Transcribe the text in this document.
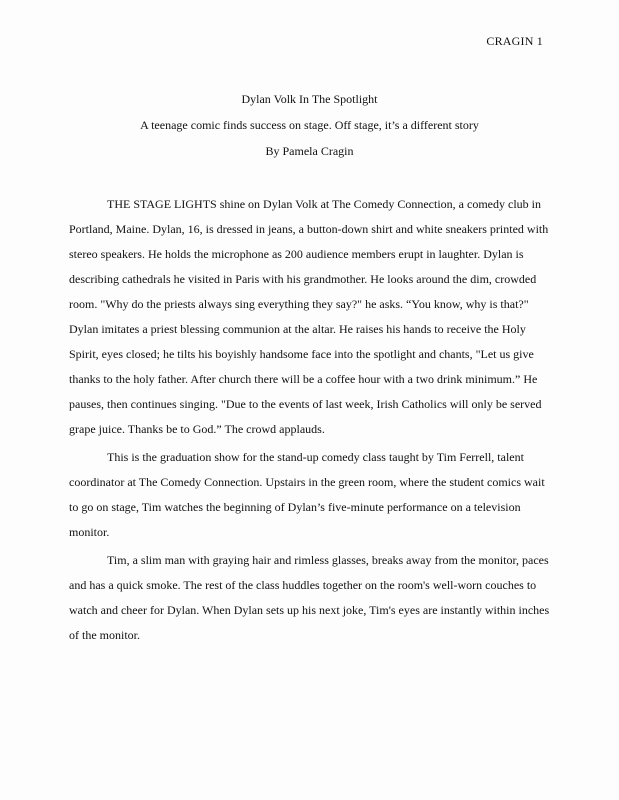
CRAGIN 1
Dylan Volk In The Spotlight
A teenage comic finds success on stage. Off stage, it’s a different story
By Pamela Cragin

THE STAGE LIGHTS shine on Dylan Volk at The Comedy Connection, a comedy club in Portland, Maine. Dylan, 16, is dressed in jeans, a button-down shirt and white sneakers printed with stereo speakers. He holds the microphone as 200 audience members erupt in laughter. Dylan is describing cathedrals he visited in Paris with his grandmother. He looks around the dim, crowded room. "Why do the priests always sing everything they say?" he asks. “You know, why is that?" Dylan imitates a priest blessing communion at the altar. He raises his hands to receive the Holy Spirit, eyes closed; he tilts his boyishly handsome face into the spotlight and chants, "Let us give thanks to the holy father. After church there will be a coffee hour with a two drink minimum.” He pauses, then continues singing. "Due to the events of last week, Irish Catholics will only be served grape juice. Thanks be to God.” The crowd applauds.

This is the graduation show for the stand-up comedy class taught by Tim Ferrell, talent coordinator at The Comedy Connection. Upstairs in the green room, where the student comics wait to go on stage, Tim watches the beginning of Dylan’s five-minute performance on a television monitor.

Tim, a slim man with graying hair and rimless glasses, breaks away from the monitor, paces and has a quick smoke. The rest of the class huddles together on the room's well-worn couches to watch and cheer for Dylan. When Dylan sets up his next joke, Tim's eyes are instantly within inches of the monitor.
